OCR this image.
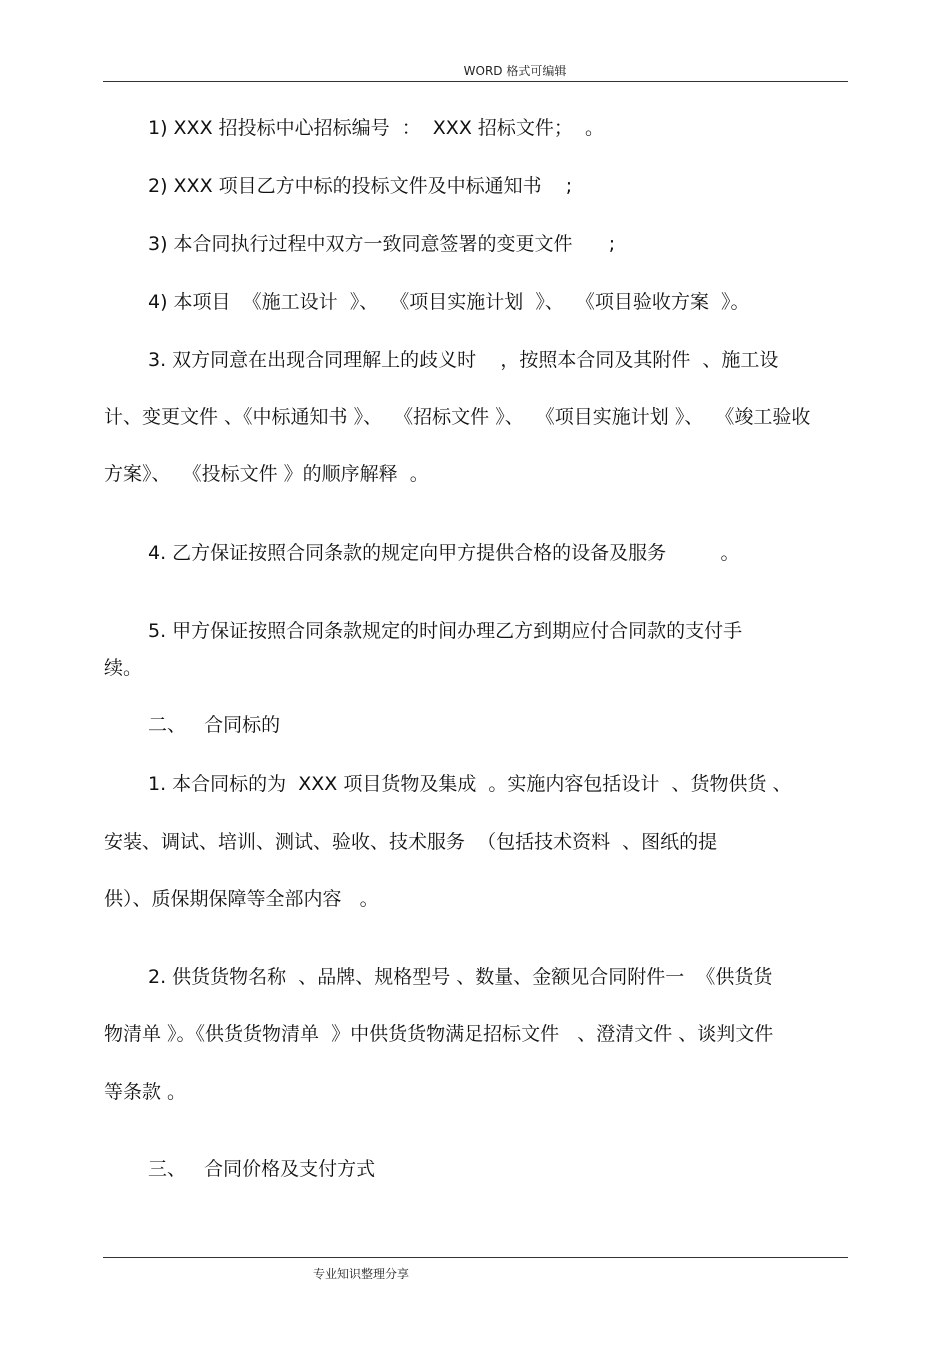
WORD 格式可编辑
1) XXX 招投标中心招标编号  ：  XXX 招标文件；  。
2) XXX 项目乙方中标的投标文件及中标通知书    ;
3) 本合同执行过程中双方一致同意签署的变更文件      ;
4) 本项目  《施工设计  》、  《项目实施计划  》、  《项目验收方案  》。
3. 双方同意在出现合同理解上的歧义时    ，按照本合同及其附件  、施工设
计、变更文件 、《中标通知书 》、  《招标文件 》、  《项目实施计划 》、  《竣工验收
方案》、  《投标文件 》的顺序解释  。
4. 乙方保证按照合同条款的规定向甲方提供合格的设备及服务         。
5. 甲方保证按照合同条款规定的时间办理乙方到期应付合同款的支付手
续。
二、   合同标的
1. 本合同标的为  XXX 项目货物及集成  。实施内容包括设计  、货物供货 、
安装、调试、培训、测试、验收、技术服务  （包括技术资料  、图纸的提
供）、质保期保障等全部内容   。
2. 供货货物名称  、品牌、规格型号 、数量、金额见合同附件一  《供货货
物清单 》。《供货货物清单  》中供货货物满足招标文件   、澄清文件 、谈判文件
等条款 。
三、   合同价格及支付方式
专业知识整理分享
